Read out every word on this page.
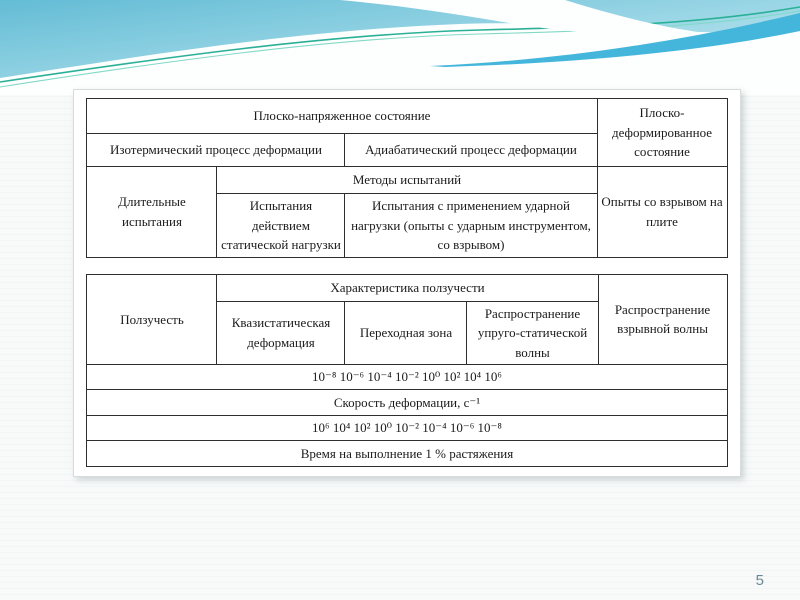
Плоско-напряженное состояние			Плоско-деформированное состояние
Изотермический процесс деформации		Адиабатический процесс деформации	
Длительные испытания	Методы испытаний		Опыты со взрывом на плите
	Испытания действием статической нагрузки	Испытания с применением ударной нагрузки (опыты с ударным инструментом, со взрывом)	
Ползучесть	Характеристика ползучести			Распространение взрывной волны
	Квазистатическая деформация	Переходная зона	Распространение упруго-статической волны	
10⁻⁸ 10⁻⁶ 10⁻⁴ 10⁻² 10⁰ 10² 10⁴ 10⁶				
Скорость деформации, с⁻¹				
10⁶ 10⁴ 10² 10⁰ 10⁻² 10⁻⁴ 10⁻⁶ 10⁻⁸				
Время на выполнение 1 % растяжения				
5
